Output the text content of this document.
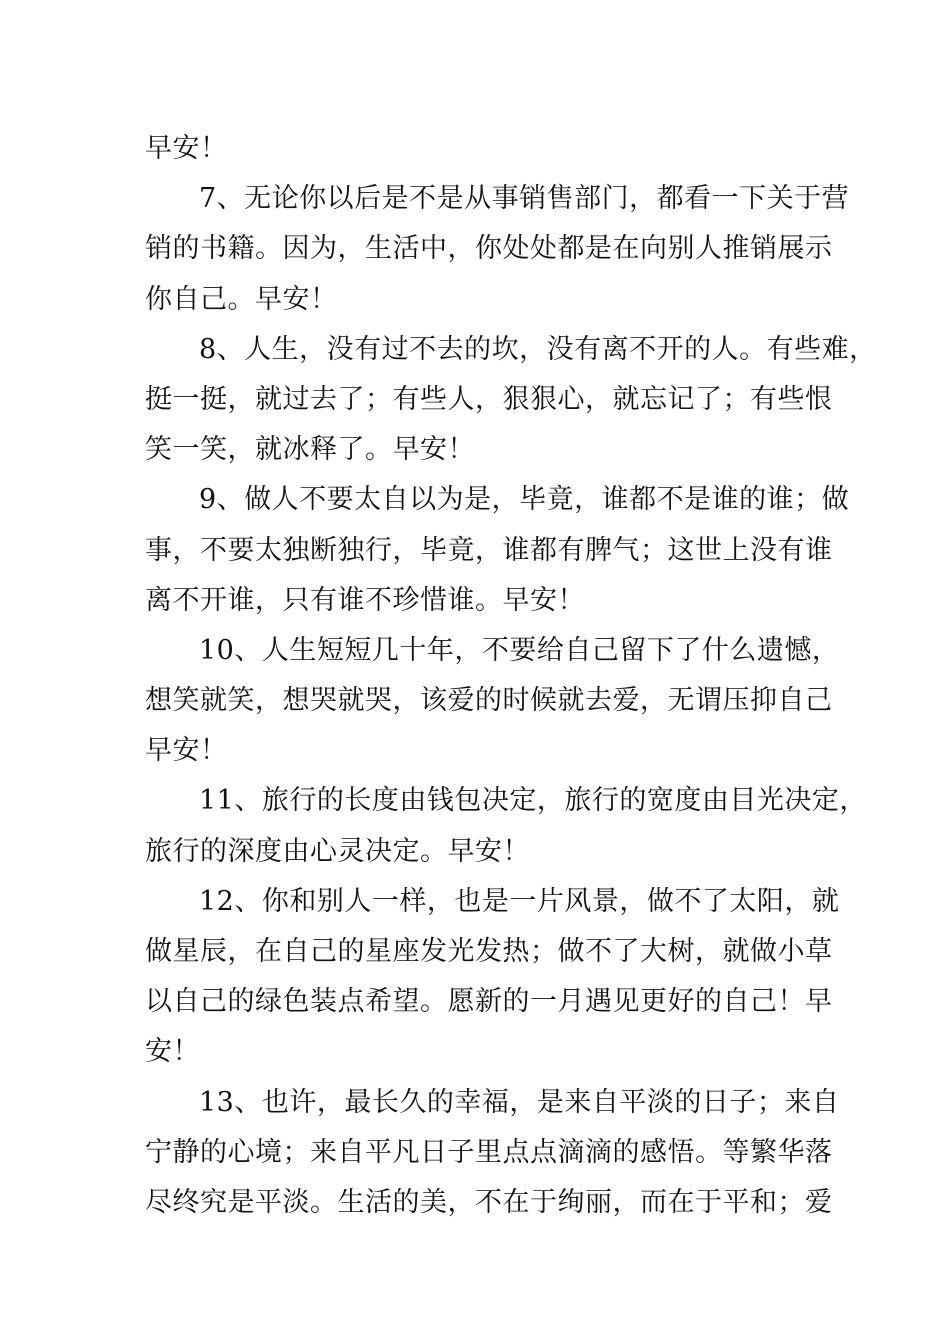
早安！
7、无论你以后是不是从事销售部门，都看一下关于营
销的书籍。因为，生活中，你处处都是在向别人推销展示
你自己。早安！
8、人生，没有过不去的坎，没有离不开的人。有些难，
挺一挺，就过去了；有些人，狠狠心，就忘记了；有些恨
笑一笑，就冰释了。早安！
9、做人不要太自以为是，毕竟，谁都不是谁的谁；做
事，不要太独断独行，毕竟，谁都有脾气；这世上没有谁
离不开谁，只有谁不珍惜谁。早安！
10、人生短短几十年，不要给自己留下了什么遗憾，
想笑就笑，想哭就哭，该爱的时候就去爱，无谓压抑自己
早安！
11、旅行的长度由钱包决定，旅行的宽度由目光决定，
旅行的深度由心灵决定。早安！
12、你和别人一样，也是一片风景，做不了太阳，就
做星辰，在自己的星座发光发热；做不了大树，就做小草
以自己的绿色装点希望。愿新的一月遇见更好的自己！早
安！
13、也许，最长久的幸福，是来自平淡的日子；来自
宁静的心境；来自平凡日子里点点滴滴的感悟。等繁华落
尽终究是平淡。生活的美，不在于绚丽，而在于平和；爱
